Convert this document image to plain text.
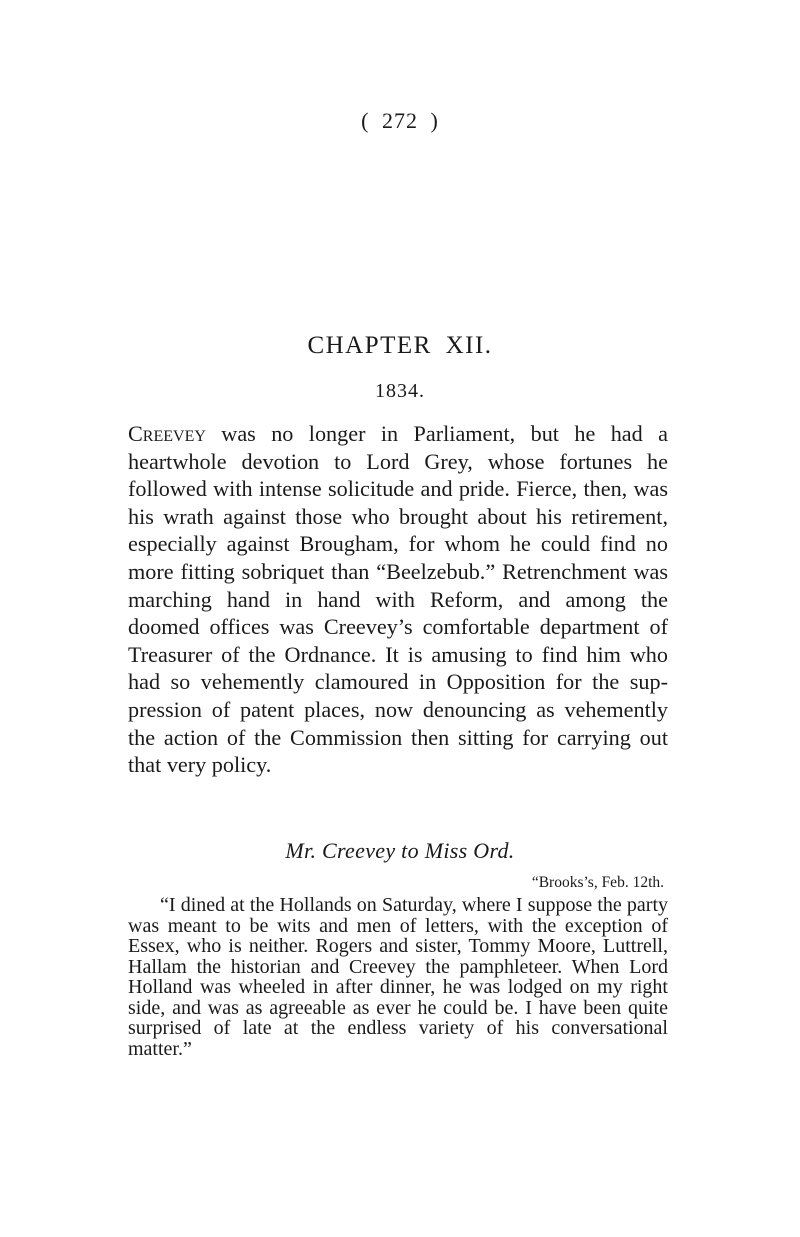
( 272 )
CHAPTER XII.
1834.
Creevey was no longer in Parliament, but he had a heartwhole devotion to Lord Grey, whose fortunes he followed with intense solicitude and pride. Fierce, then, was his wrath against those who brought about his retirement, especially against Brougham, for whom he could find no more fitting sobriquet than “Beelzebub.” Retrenchment was marching hand in hand with Reform, and among the doomed offices was Creevey’s comfortable department of Treasurer of the Ordnance. It is amusing to find him who had so vehemently clamoured in Opposition for the suppression of patent places, now denouncing as vehemently the action of the Commission then sitting for carrying out that very policy.
Mr. Creevey to Miss Ord.
“Brooks’s, Feb. 12th.
“I dined at the Hollands on Saturday, where I suppose the party was meant to be wits and men of letters, with the exception of Essex, who is neither. Rogers and sister, Tommy Moore, Luttrell, Hallam the historian and Creevey the pamphleteer. When Lord Holland was wheeled in after dinner, he was lodged on my right side, and was as agreeable as ever he could be. I have been quite surprised of late at the endless variety of his conversational matter.”
